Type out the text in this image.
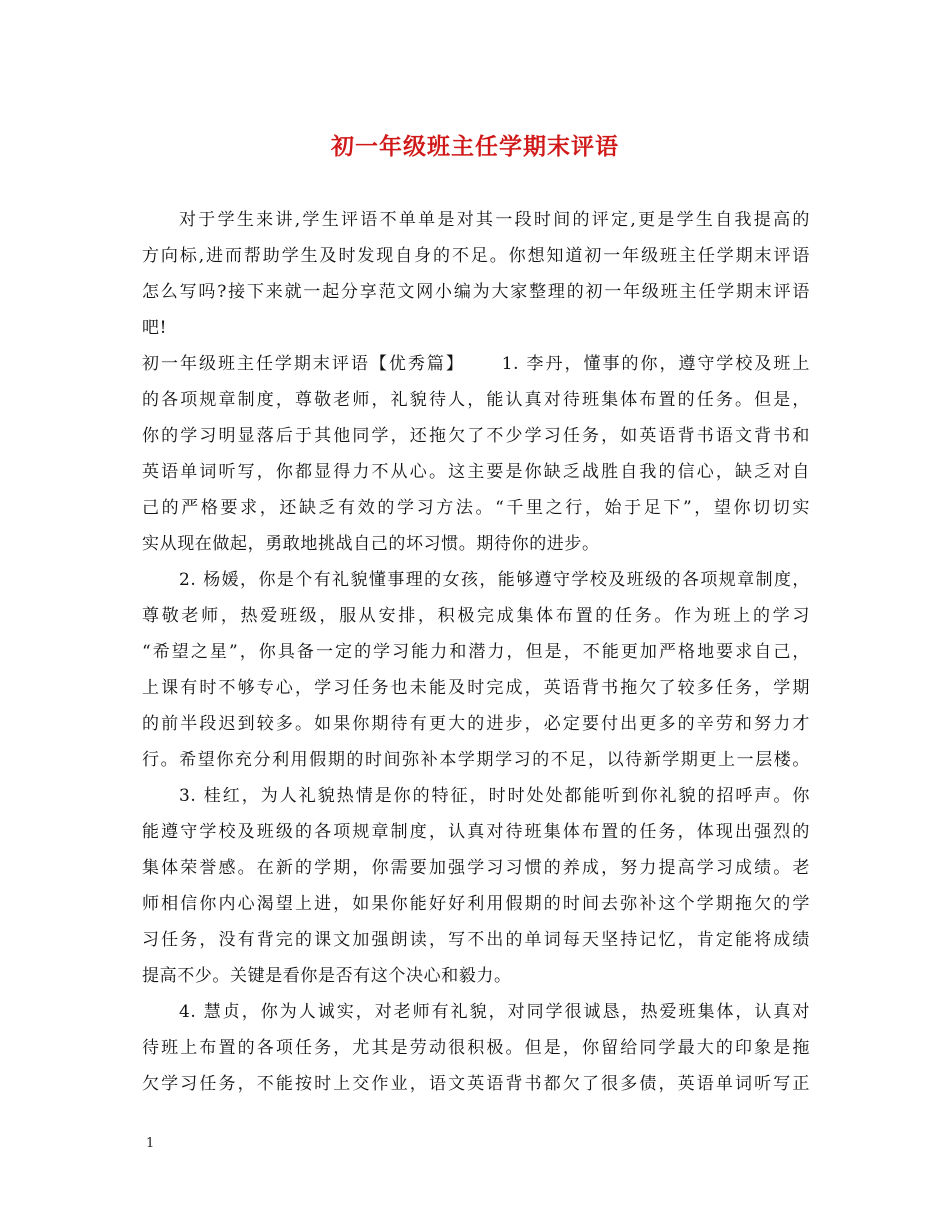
初一年级班主任学期末评语
对于学生来讲,学生评语不单单是对其一段时间的评定,更是学生自我提高的
方向标,进而帮助学生及时发现自身的不足。你想知道初一年级班主任学期末评语
怎么写吗?接下来就一起分享范文网小编为大家整理的初一年级班主任学期末评语
吧!
初一年级班主任学期末评语【优秀篇】　　 1. 李丹，懂事的你，遵守学校及班上
的各项规章制度，尊敬老师，礼貌待人，能认真对待班集体布置的任务。但是，
你的学习明显落后于其他同学，还拖欠了不少学习任务，如英语背书语文背书和
英语单词听写，你都显得力不从心。这主要是你缺乏战胜自我的信心，缺乏对自
己的严格要求，还缺乏有效的学习方法。“千里之行，始于足下”，望你切切实
实从现在做起，勇敢地挑战自己的坏习惯。期待你的进步。
2. 杨媛，你是个有礼貌懂事理的女孩，能够遵守学校及班级的各项规章制度，
尊敬老师，热爱班级，服从安排，积极完成集体布置的任务。作为班上的学习
“希望之星”，你具备一定的学习能力和潜力，但是，不能更加严格地要求自己，
上课有时不够专心，学习任务也未能及时完成，英语背书拖欠了较多任务，学期
的前半段迟到较多。如果你期待有更大的进步，必定要付出更多的辛劳和努力才
行。希望你充分利用假期的时间弥补本学期学习的不足，以待新学期更上一层楼。
3. 桂红，为人礼貌热情是你的特征，时时处处都能听到你礼貌的招呼声。你
能遵守学校及班级的各项规章制度，认真对待班集体布置的任务，体现出强烈的
集体荣誉感。在新的学期，你需要加强学习习惯的养成，努力提高学习成绩。老
师相信你内心渴望上进，如果你能好好利用假期的时间去弥补这个学期拖欠的学
习任务，没有背完的课文加强朗读，写不出的单词每天坚持记忆，肯定能将成绩
提高不少。关键是看你是否有这个决心和毅力。
4. 慧贞，你为人诚实，对老师有礼貌，对同学很诚恳，热爱班集体，认真对
待班上布置的各项任务，尤其是劳动很积极。但是，你留给同学最大的印象是拖
欠学习任务，不能按时上交作业，语文英语背书都欠了很多债，英语单词听写正
1
